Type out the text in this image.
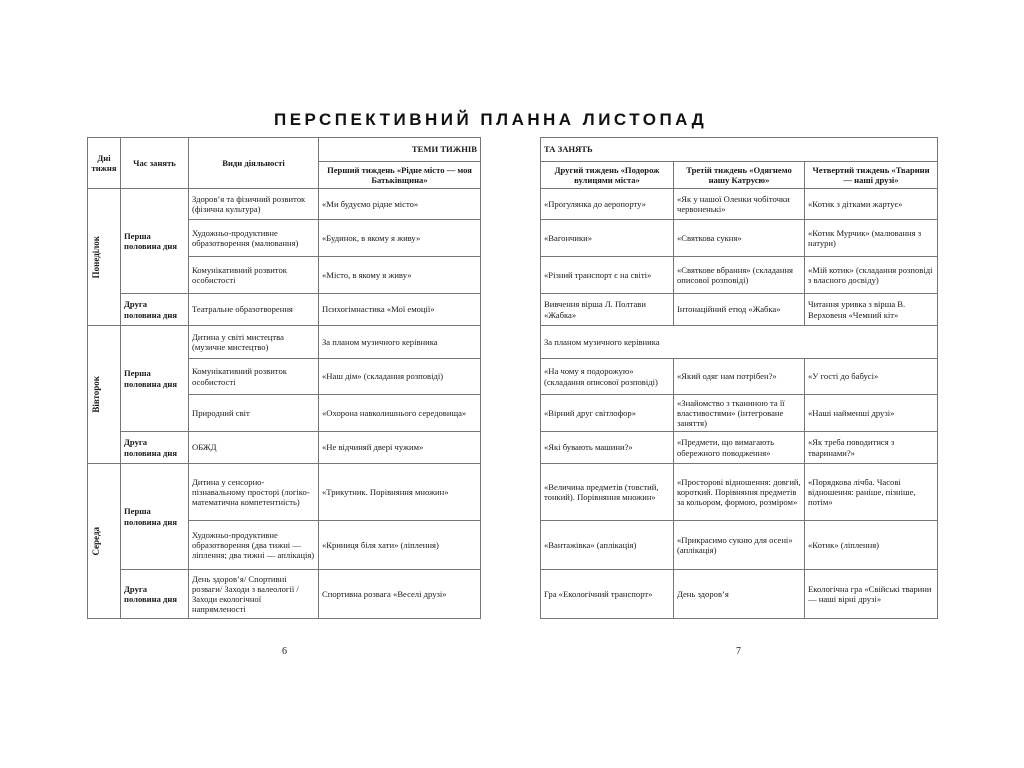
ПЕРСПЕКТИВНИЙ ПЛАН
Дні тижня	Час занять	Види діяльності	ТЕМИ ТИЖНІВ
			Перший тиждень «Рідне місто — моя Батьківщина»

Понеділок	Перша половина дня	Здоров’я та фізичний розвиток (фізична культура)	«Ми будуємо рідне місто»
		Художньо-продуктивне образотворення (малювання)	«Будинок, в якому я живу»
		Комунікативний розвиток особистості	«Місто, в якому я живу»
	Друга половина дня	Театральне образотворення	Психогімнастика «Мої емоції»

Вівторок	Перша половина дня	Дитина у світі мистецтва (музичне мистецтво)	За планом музичного керівника
		Комунікативний розвиток особистості	«Наш дім» (складання розповіді)
		Природний світ	«Охорона навколишнього середовища»
	Друга половина дня	ОБЖД	«Не відчиняй двері чужим»

Середа	Перша половина дня	Дитина у сенсорно-пізнавальному просторі (логіко-математична компетентність)	«Трикутник. Порівняння множин»
		Художньо-продуктивне образотворення (два тижні — ліплення; два тижні — аплікація)	«Криниця біля хати» (ліплення)
	Друга половина дня	День здоров’я/ Спортивні розваги/ Заходи з валеології / Заходи екологічної напрямленості	Спортивна розвага «Веселі друзі»
6
НА ЛИСТОПАД
ТА ЗАНЯТЬ		
Другий тиждень «Подорож вулицями міста»	Третій тиждень «Одягнемо нашу Катрусю»	Четвертий тиждень «Тварини — наші друзі»
«Прогулянка до аеропорту»	«Як у нашої Оленки чобіточки червоненькі»	«Котик з дітками жартує»
«Вагончики»	«Святкова сукня»	«Котик Мурчик» (малювання з натури)
«Різний транспорт є на світі»	«Святкове вбрання» (складання описової розповіді)	«Мій котик» (складання розповіді з власного досвіду)
Вивчення вірша Л. Полтави «Жабка»	Інтонаційний етюд «Жабка»	Читання уривка з вірша В. Верховеня «Чемний кіт»
За планом музичного керівника		
«На чому я подорожую» (складання описової розповіді)	«Який одяг нам потрібен?»	«У гості до бабусі»
«Вірний друг світлофор»	«Знайомство з тканиною та її властивостями» (інтегроване заняття)	«Наші найменші друзі»
«Які бувають машини?»	«Предмети, що вимагають обережного поводження»	«Як треба поводитися з тваринами?»
«Величина предметів (товстий, тонкий). Порівняння множин»	«Просторові відношення: довгий, короткий. Порівняння предметів за кольором, формою, розміром»	«Порядкова лічба. Часові відношення: раніше, пізніше, потім»
«Вантажівка» (аплікація)	«Прикрасимо сукню для осені» (аплікація)	«Котик» (ліплення)
Гра «Екологічний транспорт»	День здоров’я	Екологічна гра «Свійські тварини — наші вірні друзі»
7
